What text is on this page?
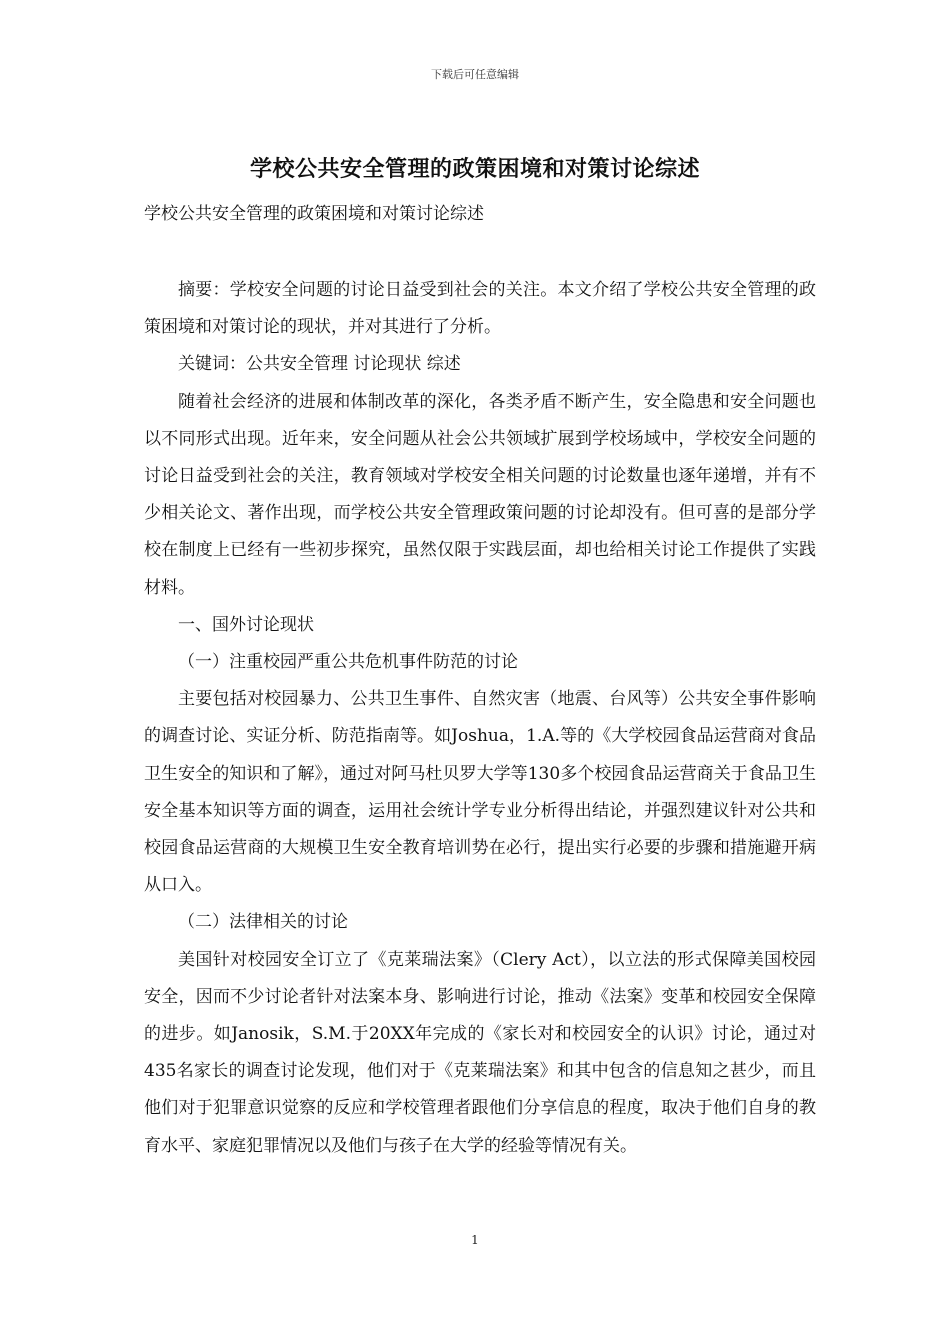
下载后可任意编辑
学校公共安全管理的政策困境和对策讨论综述
学校公共安全管理的政策困境和对策讨论综述

摘要：学校安全问题的讨论日益受到社会的关注。本文介绍了学校公共安全管理的政策困境和对策讨论的现状，并对其进行了分析。

关键词：公共安全管理 讨论现状 综述

随着社会经济的进展和体制改革的深化，各类矛盾不断产生，安全隐患和安全问题也以不同形式出现。近年来，安全问题从社会公共领域扩展到学校场域中，学校安全问题的讨论日益受到社会的关注，教育领域对学校安全相关问题的讨论数量也逐年递增，并有不少相关论文、著作出现，而学校公共安全管理政策问题的讨论却没有。但可喜的是部分学校在制度上已经有一些初步探究，虽然仅限于实践层面，却也给相关讨论工作提供了实践材料。

一、国外讨论现状

（一）注重校园严重公共危机事件防范的讨论

主要包括对校园暴力、公共卫生事件、自然灾害（地震、台风等）公共安全事件影响的调查讨论、实证分析、防范指南等。如Joshua，1.A.等的《大学校园食品运营商对食品卫生安全的知识和了解》，通过对阿马杜贝罗大学等130多个校园食品运营商关于食品卫生安全基本知识等方面的调查，运用社会统计学专业分析得出结论，并强烈建议针对公共和校园食品运营商的大规模卫生安全教育培训势在必行，提出实行必要的步骤和措施避开病从口入。

（二）法律相关的讨论

美国针对校园安全订立了《克莱瑞法案》（Clery Act），以立法的形式保障美国校园安全，因而不少讨论者针对法案本身、影响进行讨论，推动《法案》变革和校园安全保障的进步。如Janosik，S.M.于20XX年完成的《家长对和校园安全的认识》讨论，通过对435名家长的调查讨论发现，他们对于《克莱瑞法案》和其中包含的信息知之甚少，而且他们对于犯罪意识觉察的反应和学校管理者跟他们分享信息的程度，取决于他们自身的教育水平、家庭犯罪情况以及他们与孩子在大学的经验等情况有关。

1
